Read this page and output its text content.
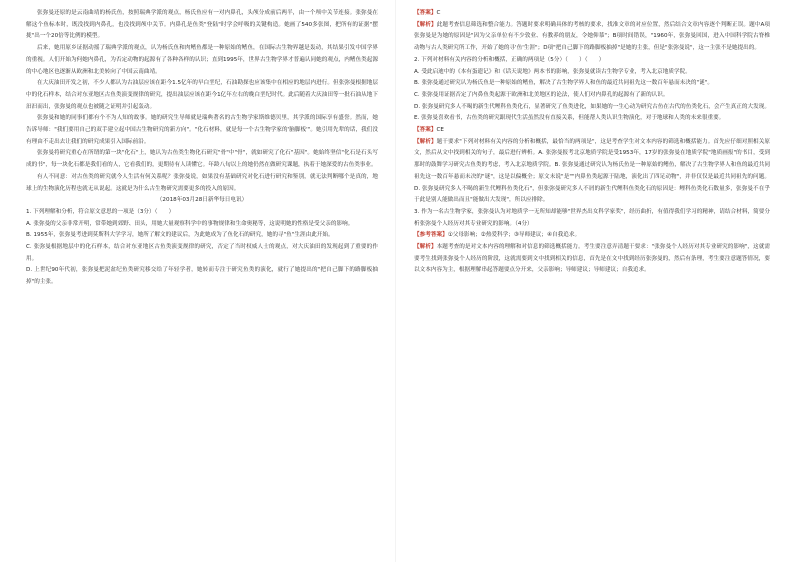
张弥曼还原的是云南曲靖的杨氏鱼，按照瑞典学派的观点，杨氏鱼应有一对内鼻孔，头颅分成前后两半，由一个颅中关节连接。张弥曼在解这个鱼标本时，既没找到内鼻孔，也没找到颅中关节。内鼻孔是鱼类"登陆"时学会呼吸的关键构造。她画了540多张图，把所有的证据"摆拢"出一个20倍等比例的模型。

后来，她用原乡证据动摇了瑞典学派的观点，认为杨氏鱼和肉鳍鱼都是一种原始的鳍鱼，在国际古生物界越是轰动，其结果引发中国学界的重视。人们开始为何她内鼻孔，为否定动物的起源有了各种各样的认识；直到1995年，世界古生物学界才普遍认同她的观点，内鳍鱼类起源的中心地区也逐渐从欧洲和北美转向了中国云南曲靖。

在大庆油田开发之初，不少人都认为古油层应该在距今1.5亿年的早白垩纪，石油勘探也应该集中在相应的地层内进行。但张弥曼根据地层中的化石样本，结合对东亚地区古鱼类演变规律的研究，提出油层应该在距今1亿年左右的晚白垩纪时代。此后随着大庆油田等一批石油从地下汩汩而出，张弥曼的观点也被随之证明并引起轰动。

张弥曼和她的同事们都有个不为人知的故事。她的研究生导师就是瑞典著名的古生物学家斯维德贝里，其学派的国际享有盛誉。然而，她告诉导师："我们要用自己的双手建立起中国古生物研究的新方向"。"化石材料，就是每一个古生物学家的'脑脚板'"。她引用先辈的话，我们没有理由不走出去让我们的研究成果引入国际前沿。

张弥曼将研究重心在所谓的第一块"化石"上，她认为古鱼类生物化石研究"骨"中"骨"，就如研究了化石"基因"。她始终坚信"化石是石头写成的书"，每一块化石都是我们看的人，它看我们的，更期待有人读懂它。年龄八旬以上的她仍然在做研究课题，执着于她深爱的古鱼类事业。

有人不同意：对古鱼类的研究就今人生活有何关系呢？张弥曼说，如果没有基础研究对化石进行研究和鉴别，就无法判断哪个是真的，地球上的生物演化历程也就无从说起。这就是为什么古生物研究需要更多的投入的原因。

（2018年03月28日新华每日电讯）

1. 下列理解和分析，符合原文意思的一项是（3分）（　　）

A. 张弥曼的父亲非常开明，常带她到郊野、田头，用她大量观察科学中的事物规律和生命奥秘等，这说明她的性格是受父亲的影响。

B. 1955年，张弥曼考进到莫斯科大学学习，她所了解文的建议后，为此她成为了鱼化石的研究，她的寻"鱼"生涯由此开始。

C. 张弥曼根据地层中的化石样本，结合对东亚地区古鱼类演变规律的研究，否定了当时权威人士的观点，对大庆油田的发现起到了重要的作用。

D. 上世纪90年代初，张弥曼把泥盆纪鱼类研究移交给了年轻学者，她转而专注于研究鱼类的演化，就行了她提出的"把自己脚下的路脚板抽掉"的主张。

【答案】C

【解析】此题考查信息筛选和整合能力。答题时要求明确具体的考核的要求，找准文章的对应位置，然后结合文章内容逐个判断正误。题中A项张弥曼是为她的原因是"因为父亲单位有不少敦业、有教养的朋友，令她仰慕"；B项时间错误，"1960年，张弥曼回国，进入中国科学院古脊椎动物与古人类研究所工作，开始了她的寻'鱼'生涯"；D项"把自己脚下的路脚板抽掉"是她的主张，但是"张弥曼说"，这一主张不是她提出的。

2. 下列对材料有关内容的分析和概括，正确的两项是（5分）（　　）（　　）

A. 受此启迪中的《本有蛋遗记》和《话天说地》两本书的影响，张弥曼就读古生物学专业，考入北京地质学院。

B. 张弥曼通过研究认为杨氏鱼是一种原始的鳍鱼，解决了古生物学界人和鱼的最近共同祖先这一数百年悬而未决的"谜"。

C. 张弥曼用证据否定了内鼻鱼类起源于欧洲和北美地区的论法，使人们对内鼻孔的起源有了新的认识。

D. 张弥曼研究多人不喝的新生代鲤科鱼类化石，显著研究了鱼类进化，如果她的一生心动为研究古鱼在古代的鱼类化石，会产生真正的大发现。

E. 张弥曼喜欢看书，古鱼类的研究跟现代生活虽然没有直接关系，但能帮人类认识生物演化，对于地球和人类的未来很重要。

【答案】CE

【解析】题干要求"下列对材料有关内容的分析和概括，最恰当的两项是"，这是考查学生对文本内容的筛选和概括能力。首先应仔细对照相关原文，然后从文中找到相关的句子，最后进行辨析。A. 张弥曼报考北京地质学院是受1953年，17岁的张弥曼在地质学院"地质画报"的书目，受到那时的鼓舞学习研究古鱼类的考虑，考入北京地质学院。B. 张弥曼通过研究认为杨氏鱼是一种原始的鳍鱼，解决了古生物学界人和鱼的最近共同祖先这一数百年悬而未决的"谜"，这是以偏概全；原文未说"是""内鼻鱼类起源于陆地，演化出了四足动物"，并非仅仅是最近共同祖先的问题。D. 张弥曼研究多人不喝的新生代鲤科鱼类化石"，但张弥曼研究多人不屑的新生代鲤科鱼类化石的原因是：鲤科鱼类化石数量多，张弥曼不在乎于此是别人能做出而且"能做出大发现"，所以应排除。

3. 作为一名古生物学家，张弥曼认为对地质学一无所知却能够"世界杰出女科学家奖"，经历曲折，有值得我们学习的精神，请结合材料，简要分析张弥曼个人经历对其专业研究的影响。（4分）

【参考答案】①父母影响；②热爱科学；③导师建议；④自我追求。

【解析】本题考查的是对文本内容的理解和对信息的筛选概括能力。考生要注意弄清题干要求："张弥曼个人经历对其专业研究的影响"，这就需要考生找到张弥曼个人经历的阶段，这就需要到文中找到相关的信息，首先是在文中找到经历张弥曼的，然后有条理，考生要注意题答情况，要以文本内容为主，根据理解串起答题要点分开来，父亲影响；导师建议；导师建议；自我追求。
